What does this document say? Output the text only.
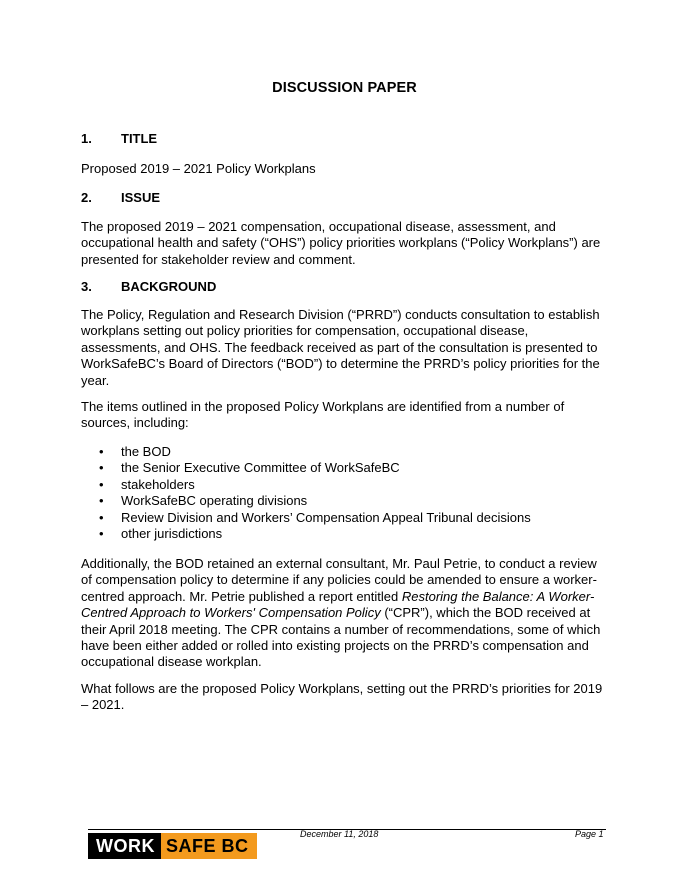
DISCUSSION PAPER
1. TITLE
Proposed 2019 – 2021 Policy Workplans
2. ISSUE
The proposed 2019 – 2021 compensation, occupational disease, assessment, and occupational health and safety (“OHS”) policy priorities workplans (“Policy Workplans”) are presented for stakeholder review and comment.
3. BACKGROUND
The Policy, Regulation and Research Division (“PRRD”) conducts consultation to establish workplans setting out policy priorities for compensation, occupational disease, assessments, and OHS. The feedback received as part of the consultation is presented to WorkSafeBC’s Board of Directors (“BOD”) to determine the PRRD’s policy priorities for the year.
The items outlined in the proposed Policy Workplans are identified from a number of sources, including:
• the BOD
• the Senior Executive Committee of WorkSafeBC
• stakeholders
• WorkSafeBC operating divisions
• Review Division and Workers’ Compensation Appeal Tribunal decisions
• other jurisdictions
Additionally, the BOD retained an external consultant, Mr. Paul Petrie, to conduct a review of compensation policy to determine if any policies could be amended to ensure a worker-centred approach. Mr. Petrie published a report entitled Restoring the Balance: A Worker-Centred Approach to Workers' Compensation Policy (“CPR”), which the BOD received at their April 2018 meeting. The CPR contains a number of recommendations, some of which have been either added or rolled into existing projects on the PRRD’s compensation and occupational disease workplan.
What follows are the proposed Policy Workplans, setting out the PRRD’s priorities for 2019 – 2021.
December 11, 2018	Page 1
WORK SAFE BC
